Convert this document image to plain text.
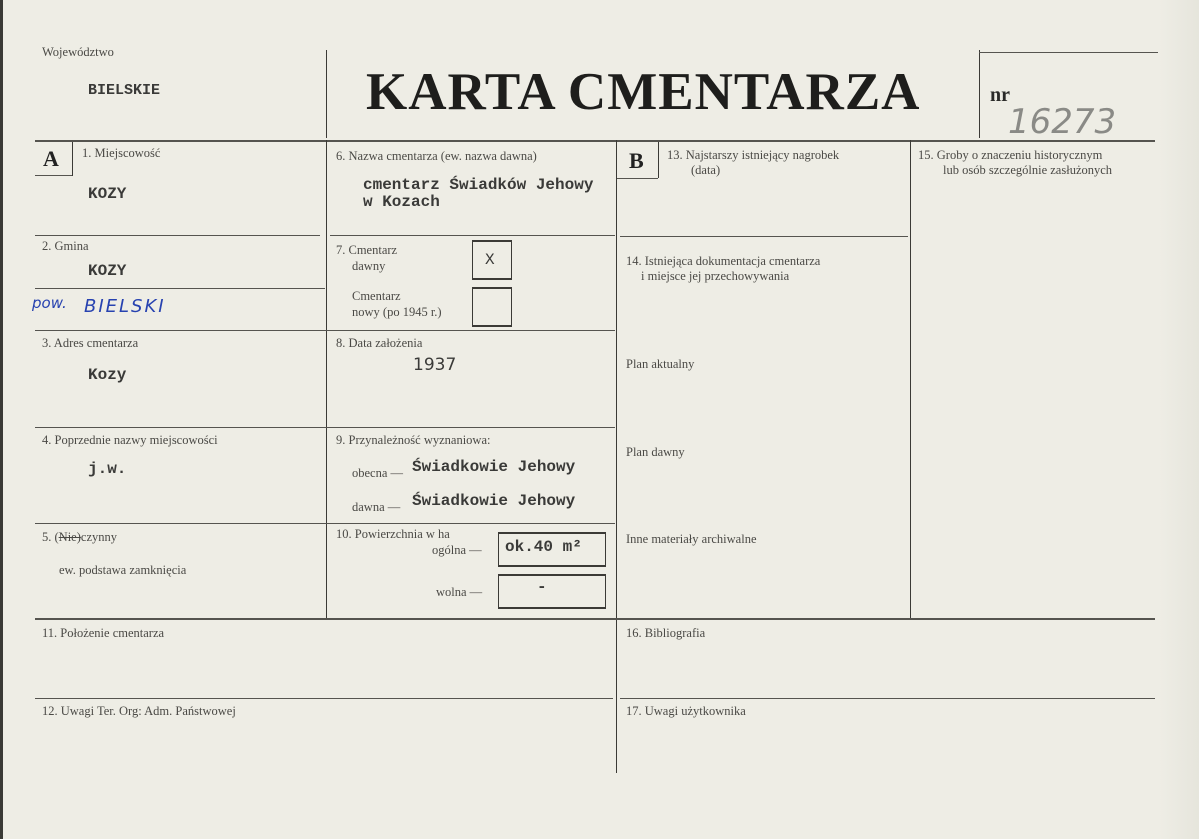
Województwo
BIELSKIE	KARTA CMENTARZA	nr
16273
A 1. Miejscowość
KOZY
2. Gmina
KOZY
pow. BIELSKI
3. Adres cmentarza
Kozy
4. Poprzednie nazwy miejscowości
j.w.
5. (Nie)czynny
ew. podstawa zamknięcia
6. Nazwa cmentarza (ew. nazwa dawna)
cmentarz Świadków Jehowy
w Kozach
7. Cmentarz
dawny	X
Cmentarz
nowy (po 1945 r.)
8. Data założenia
1937
9. Przynależność wyznaniowa:
obecna — Świadkowie Jehowy
dawna — Świadkowie Jehowy
10. Powierzchnia w ha
ogólna — ok.40 m²
wolna —	-
11. Położenie cmentarza
12. Uwagi Ter. Org: Adm. Państwowej
B 13. Najstarszy istniejący nagrobek
(data)
14. Istniejąca dokumentacja cmentarza
i miejsce jej przechowywania
Plan aktualny
Plan dawny
Inne materiały archiwalne
15. Groby o znaczeniu historycznym
lub osób szczególnie zasłużonych
16. Bibliografia
17. Uwagi użytkownika
